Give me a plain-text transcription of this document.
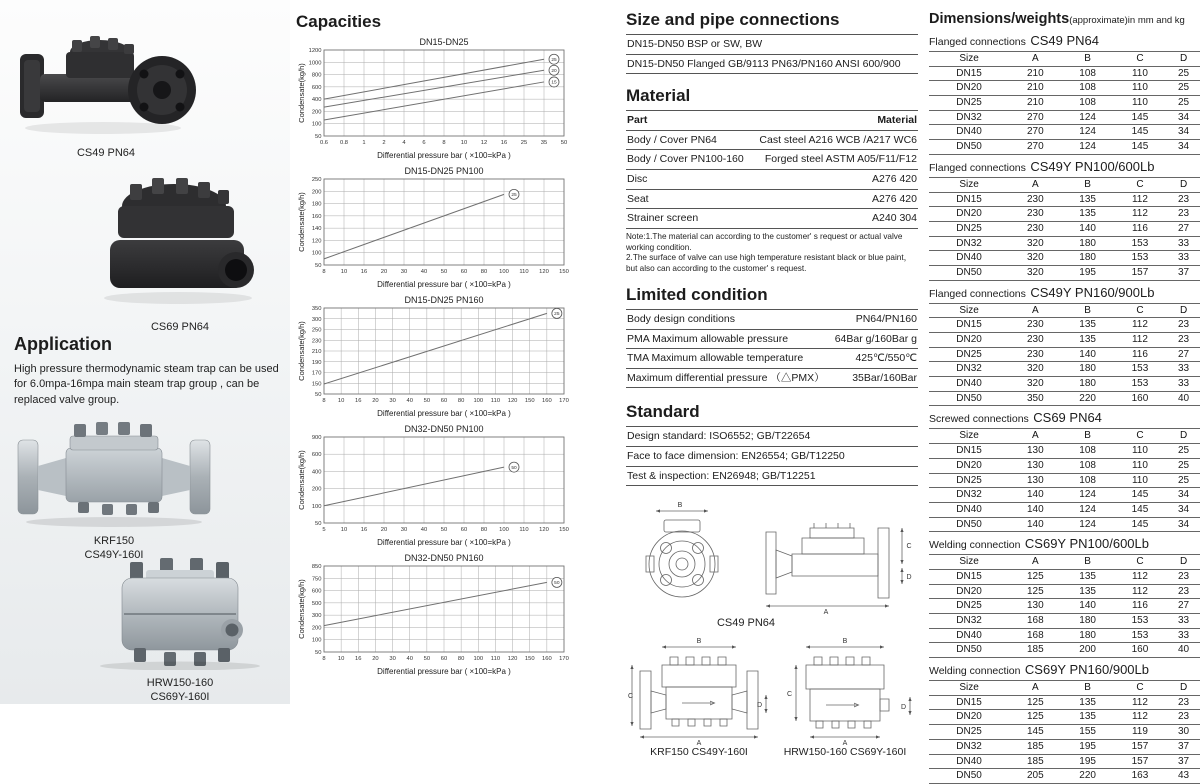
CS49 PN64
CS69 PN64
Application

High pressure thermodynamic steam trap can be used for 6.0mpa-16mpa main steam trap group , can be replaced valve group.

KRF150
CS49Y-160I
HRW150-160
CS69Y-160I
Capacities
DN15-DN25
0.6 0.8 1	2	4	6	8	10 12 16 25 35 50
50
100
200
400
600
800
1000
1200
Condensate(kg/h)
Differential pressure bar ( ×100=kPa )
25
20
15
DN15-DN25 PN100
8	10 16 20 30 40 50 60 80 100 110 120 150
50
100
120
140
160
180
200
250
Condensate(kg/h)
Differential pressure bar ( ×100=kPa )
25
DN15-DN25 PN160
8 10 16 20 30 40 50 60 80 100 110 120 150 160 170
50
150
170
190
210
230
250
300
350
Condensate(kg/h)
Differential pressure bar ( ×100=kPa )
25
DN32-DN50 PN100
5	10 16 20 30 40 50 60 80 100 110 120 150
50
100
200
400
600
900
Condensate(kg/h)
Differential pressure bar ( ×100=kPa )
50
DN32-DN50 PN160
8 10 16 20 30 40 50 60 80 100 110 120 150 160 170
50
100
200
300
500
600
750
850
Condensate(kg/h)
Differential pressure bar ( ×100=kPa )
50
Size and pipe connections
DN15-DN50 BSP or SW, BW
DN15-DN50 Flanged GB/9113 PN63/PN160 ANSI 600/900
Material
Part	Material
Body / Cover PN64	Cast steel A216 WCB /A217 WC6
Body / Cover PN100-160 Forged steel ASTM A05/F11/F12
Disc	A276 420
Seat	A276 420
Strainer screen	A240 304

Note:1.The material can according to the customer' s request or actual valve working condition.

2.The surface of valve can use high temperature resistant black or blue paint，but also can according to the customer' s request.

Limited condition
Body design conditions	PN64/PN160
PMA Maximum allowable pressure	64Bar g/160Bar g
TMA Maximum allowable temperature	425℃/550℃
Maximum differential pressure （△PMX）	35Bar/160Bar
Standard
Design standard: ISO6552; GB/T22654
Face to face dimension: EN26554; GB/T12250
Test & inspection: EN26948; GB/T12251
B
A
C
D
CS49 PN64
B
C
A
D
KRF150 CS49Y-160I
B
C
A
D
HRW150-160 CS69Y-160I
Dimensions/weights(approximate)in mm and kg
Flanged connections CS49 PN64
Size	A	B	C	D
DN15	210	108	110	25
DN20	210	108	110	25
DN25	210	108	110	25
DN32	270	124	145	34
DN40	270	124	145	34
DN50	270	124	145	34
Flanged connections CS49Y PN100/600Lb
Size	A	B	C	D
DN15	230	135	112	23
DN20	230	135	112	23
DN25	230	140	116	27
DN32	320	180	153	33
DN40	320	180	153	33
DN50	320	195	157	37
Flanged connections CS49Y PN160/900Lb
Size	A	B	C	D
DN15	230	135	112	23
DN20	230	135	112	23
DN25	230	140	116	27
DN32	320	180	153	33
DN40	320	180	153	33
DN50	350	220	160	40
Screwed connections CS69 PN64
Size	A	B	C	D
DN15	130	108	110	25
DN20	130	108	110	25
DN25	130	108	110	25
DN32	140	124	145	34
DN40	140	124	145	34
DN50	140	124	145	34
Welding connection CS69Y PN100/600Lb
Size	A	B	C	D
DN15	125	135	112	23
DN20	125	135	112	23
DN25	130	140	116	27
DN32	168	180	153	33
DN40	168	180	153	33
DN50	185	200	160	40
Welding connection CS69Y PN160/900Lb
Size	A	B	C	D
DN15	125	135	112	23
DN20	125	135	112	23
DN25	145	155	119	30
DN32	185	195	157	37
DN40	185	195	157	37
DN50	205	220	163	43
